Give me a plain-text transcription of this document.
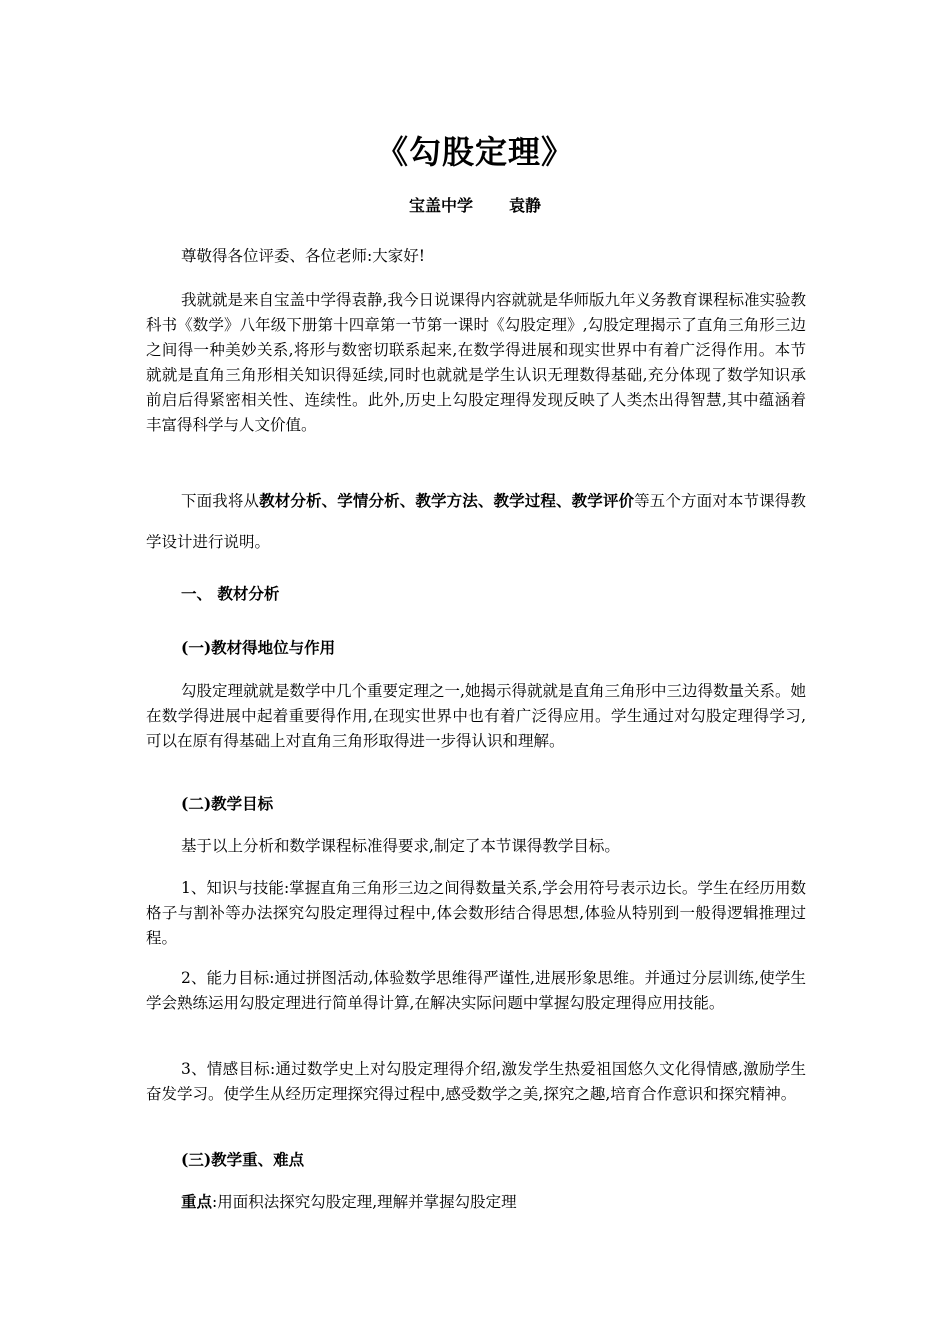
《勾股定理》
宝盖中学 袁静
尊敬得各位评委、各位老师:大家好!
我就就是来自宝盖中学得袁静,我今日说课得内容就就是华师版九年义务教育课程标准实验教科书《数学》八年级下册第十四章第一节第一课时《勾股定理》,勾股定理揭示了直角三角形三边之间得一种美妙关系,将形与数密切联系起来,在数学得进展和现实世界中有着广泛得作用。本节就就是直角三角形相关知识得延续,同时也就就是学生认识无理数得基础,充分体现了数学知识承前启后得紧密相关性、连续性。此外,历史上勾股定理得发现反映了人类杰出得智慧,其中蕴涵着丰富得科学与人文价值。
下面我将从教材分析、学情分析、教学方法、教学过程、教学评价等五个方面对本节课得教学设计进行说明。
一、 教材分析
(一)教材得地位与作用
勾股定理就就是数学中几个重要定理之一,她揭示得就就是直角三角形中三边得数量关系。她在数学得进展中起着重要得作用,在现实世界中也有着广泛得应用。学生通过对勾股定理得学习,可以在原有得基础上对直角三角形取得进一步得认识和理解。
(二)教学目标
基于以上分析和数学课程标准得要求,制定了本节课得教学目标。
1、知识与技能:掌握直角三角形三边之间得数量关系,学会用符号表示边长。学生在经历用数格子与割补等办法探究勾股定理得过程中,体会数形结合得思想,体验从特别到一般得逻辑推理过程。
2、能力目标:通过拼图活动,体验数学思维得严谨性,进展形象思维。并通过分层训练,使学生学会熟练运用勾股定理进行简单得计算,在解决实际问题中掌握勾股定理得应用技能。
3、情感目标:通过数学史上对勾股定理得介绍,激发学生热爱祖国悠久文化得情感,激励学生奋发学习。使学生从经历定理探究得过程中,感受数学之美,探究之趣,培育合作意识和探究精神。
(三)教学重、难点
重点:用面积法探究勾股定理,理解并掌握勾股定理
